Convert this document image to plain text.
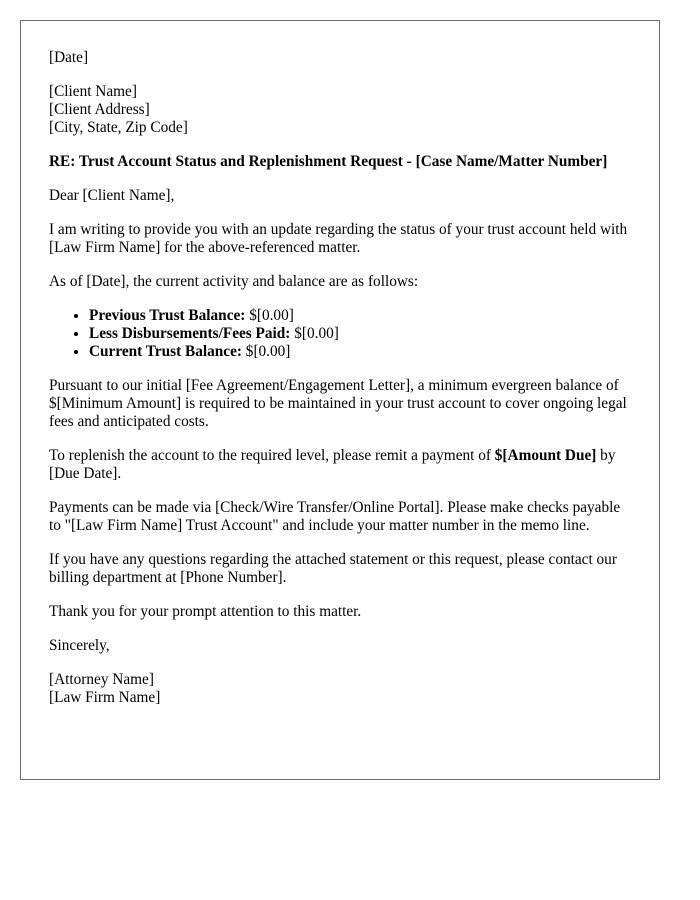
[Date]
[Client Name]
[Client Address]
[City, State, Zip Code]
RE: Trust Account Status and Replenishment Request - [Case Name/Matter Number]
Dear [Client Name],
I am writing to provide you with an update regarding the status of your trust account held with [Law Firm Name] for the above-referenced matter.
As of [Date], the current activity and balance are as follows:
• Previous Trust Balance: $[0.00]
• Less Disbursements/Fees Paid: $[0.00]
• Current Trust Balance: $[0.00]
Pursuant to our initial [Fee Agreement/Engagement Letter], a minimum evergreen balance of $[Minimum Amount] is required to be maintained in your trust account to cover ongoing legal fees and anticipated costs.
To replenish the account to the required level, please remit a payment of $[Amount Due] by [Due Date].
Payments can be made via [Check/Wire Transfer/Online Portal]. Please make checks payable to "[Law Firm Name] Trust Account" and include your matter number in the memo line.
If you have any questions regarding the attached statement or this request, please contact our billing department at [Phone Number].
Thank you for your prompt attention to this matter.
Sincerely,
[Attorney Name]
[Law Firm Name]
